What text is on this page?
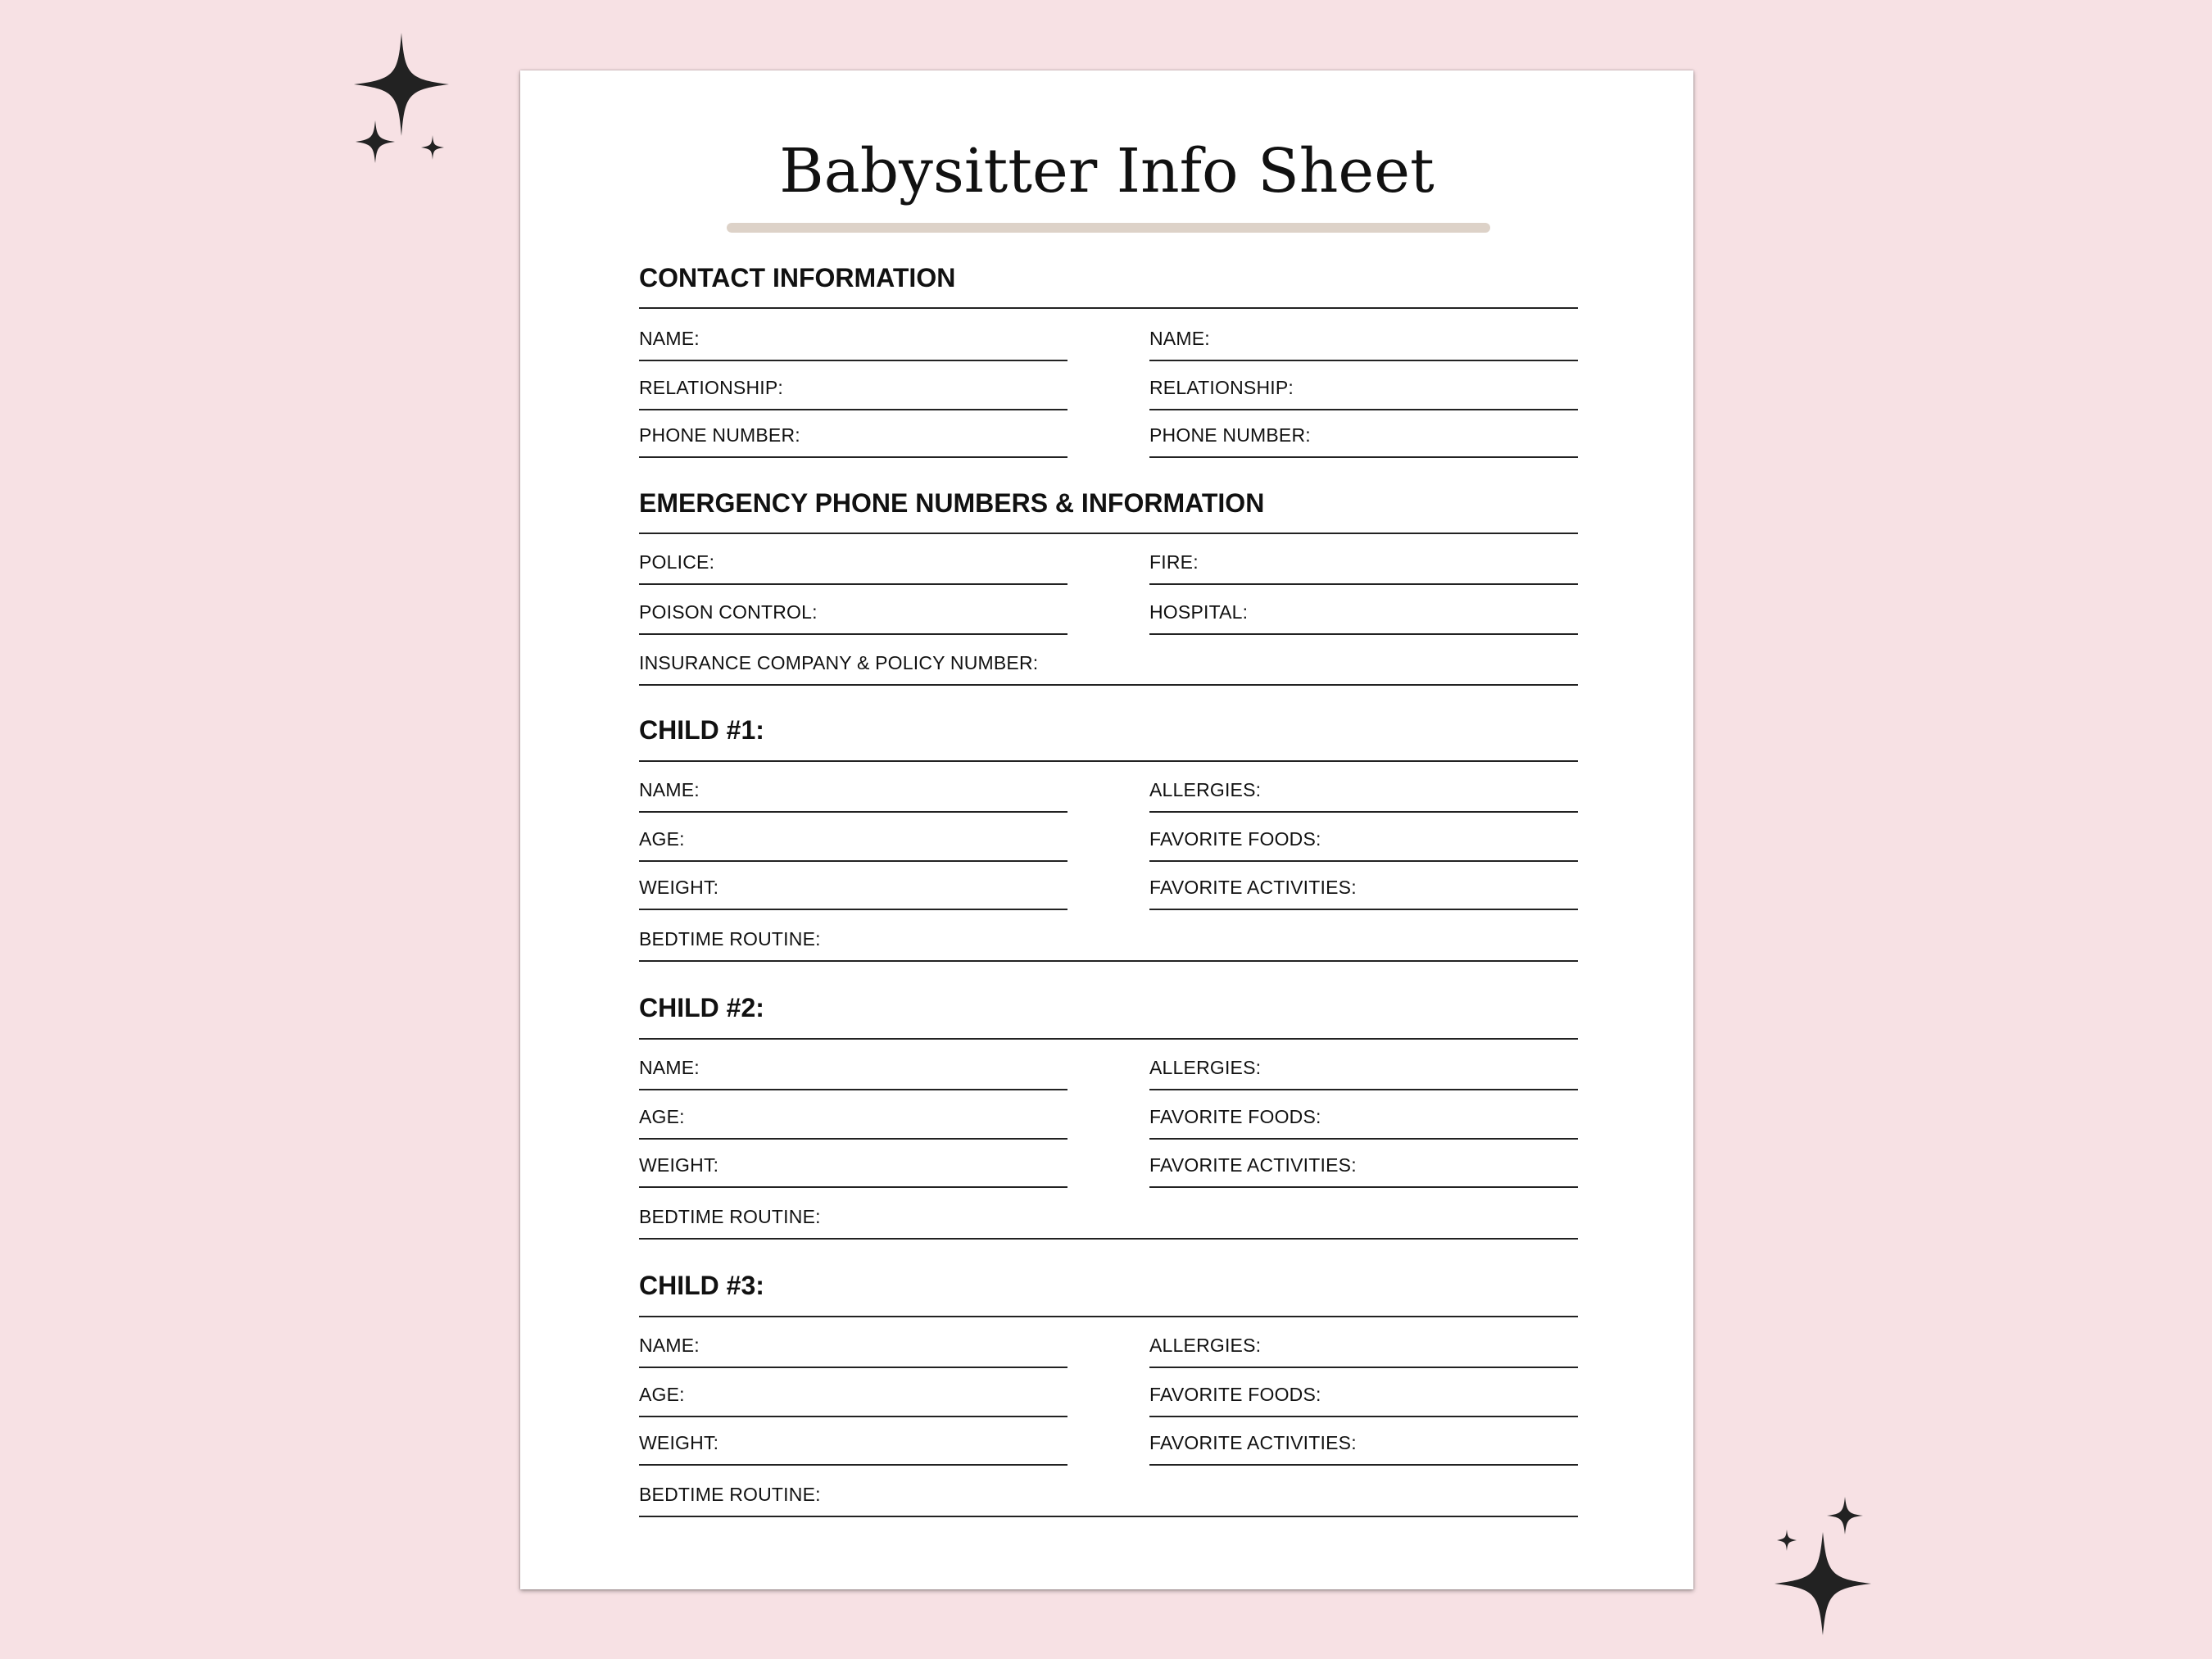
Babysitter Info Sheet
CONTACT INFORMATION
NAME:	NAME:
RELATIONSHIP:	RELATIONSHIP:
PHONE NUMBER:	PHONE NUMBER:
EMERGENCY PHONE NUMBERS & INFORMATION
POLICE:	FIRE:
POISON CONTROL:	HOSPITAL:
INSURANCE COMPANY & POLICY NUMBER:
CHILD #1:
NAME:	ALLERGIES:
AGE:	FAVORITE FOODS:
WEIGHT:	FAVORITE ACTIVITIES:
BEDTIME ROUTINE:
CHILD #2:
NAME:	ALLERGIES:
AGE:	FAVORITE FOODS:
WEIGHT:	FAVORITE ACTIVITIES:
BEDTIME ROUTINE:
CHILD #3:
NAME:	ALLERGIES:
AGE:	FAVORITE FOODS:
WEIGHT:	FAVORITE ACTIVITIES:
BEDTIME ROUTINE:
